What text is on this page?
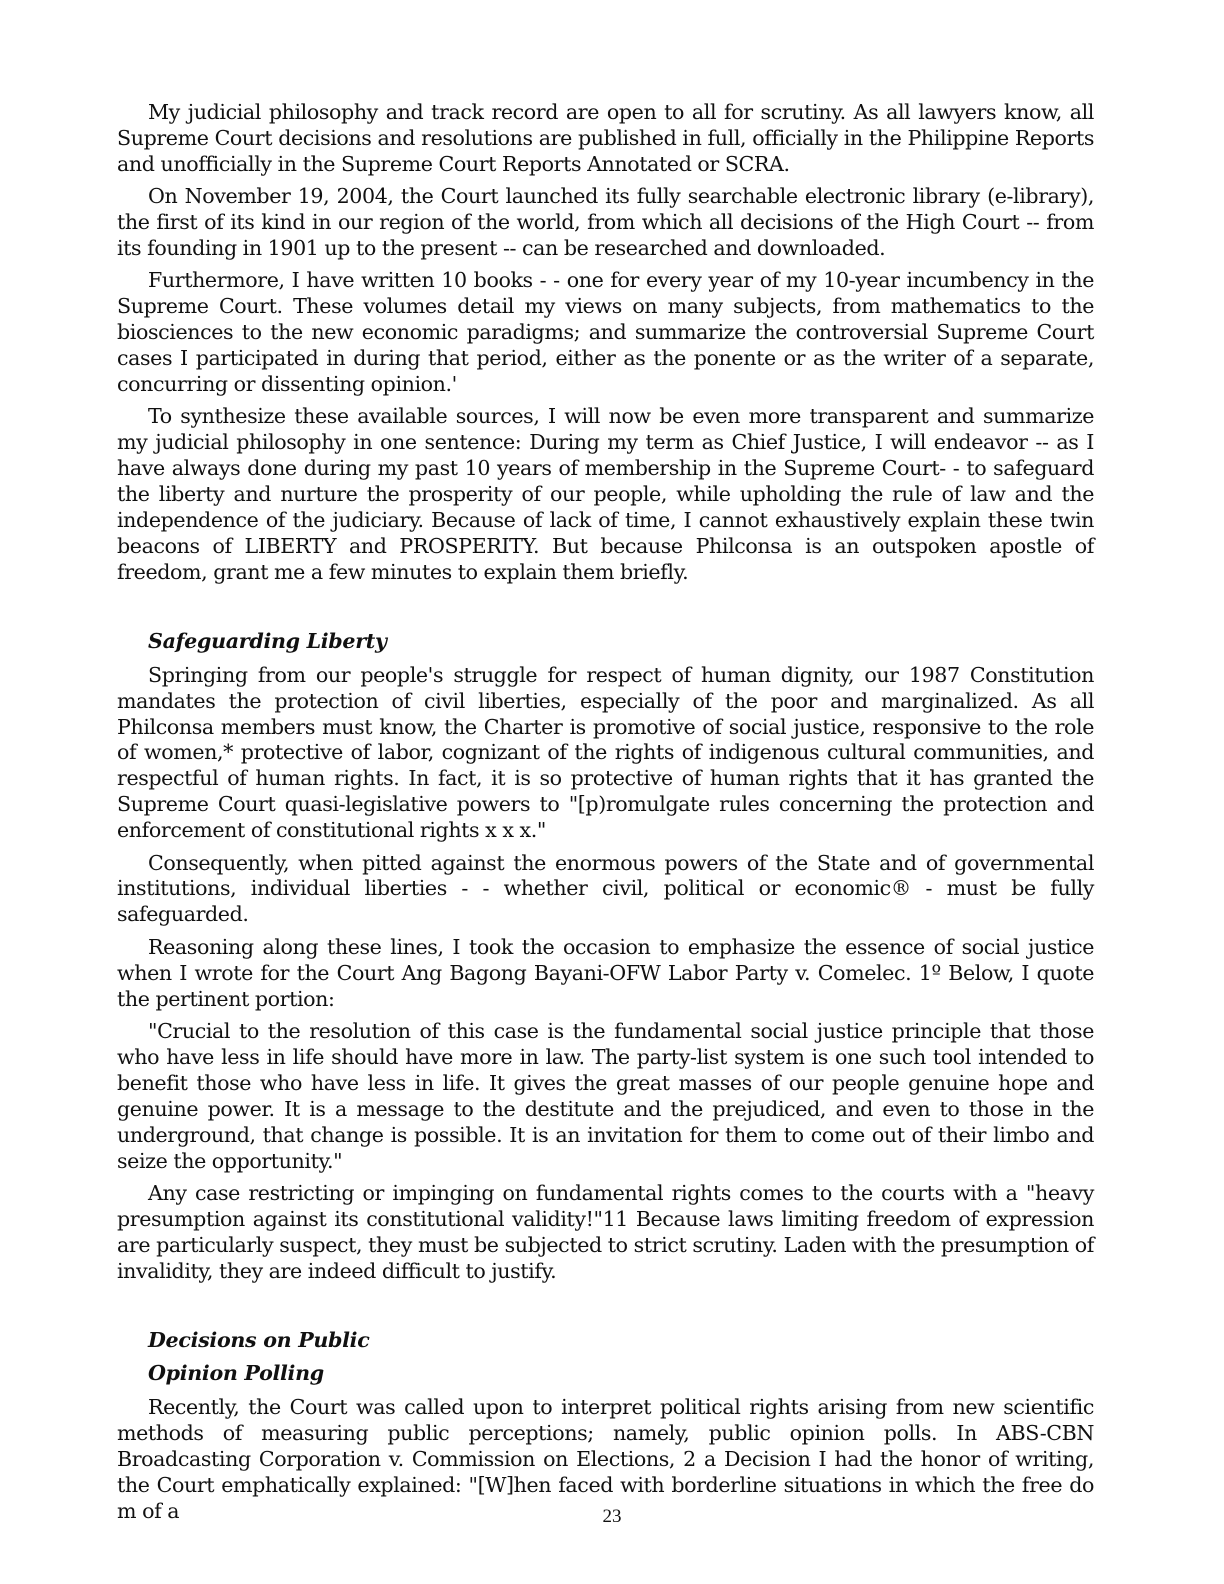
My judicial philosophy and track record are open to all for scrutiny. As all lawyers know, all Supreme Court decisions and resolutions are published in full, officially in the Philippine Reports and unofficially in the Supreme Court Reports Annotated or SCRA.

On November 19, 2004, the Court launched its fully searchable electronic library (e-library), the first of its kind in our region of the world, from which all decisions of the High Court -- from its founding in 1901 up to the present -- can be researched and downloaded.

Furthermore, I have written 10 books - - one for every year of my 10-year incumbency in the Supreme Court. These volumes detail my views on many subjects, from mathematics to the biosciences to the new economic paradigms; and summarize the controversial Supreme Court cases I participated in during that period, either as the ponente or as the writer of a separate, concurring or dissenting opinion.'

To synthesize these available sources, I will now be even more transparent and summarize my judicial philosophy in one sentence: During my term as Chief Justice, I will endeavor -- as I have always done during my past 10 years of membership in the Supreme Court- - to safeguard the liberty and nurture the prosperity of our people, while upholding the rule of law and the independence of the judiciary. Because of lack of time, I cannot exhaustively explain these twin beacons of LIBERTY and PROSPERITY. But because Philconsa is an outspoken apostle of freedom, grant me a few minutes to explain them briefly.

Safeguarding Liberty

Springing from our people's struggle for respect of human dignity, our 1987 Constitution mandates the protection of civil liberties, especially of the poor and marginalized. As all Philconsa members must know, the Charter is promotive of social justice, responsive to the role of women,* protective of labor, cognizant of the rights of indigenous cultural communities, and respectful of human rights. In fact, it is so protective of human rights that it has granted the Supreme Court quasi-legislative powers to "[p)romulgate rules concerning the protection and enforcement of constitutional rights x x x."

Consequently, when pitted against the enormous powers of the State and of governmental institutions, individual liberties - - whether civil, political or economic® - must be fully safeguarded.

Reasoning along these lines, I took the occasion to emphasize the essence of social justice when I wrote for the Court Ang Bagong Bayani-OFW Labor Party v. Comelec. 1º Below, I quote the pertinent portion:

"Crucial to the resolution of this case is the fundamental social justice principle that those who have less in life should have more in law. The party-list system is one such tool intended to benefit those who have less in life. It gives the great masses of our people genuine hope and genuine power. It is a message to the destitute and the prejudiced, and even to those in the underground, that change is possible. It is an invitation for them to come out of their limbo and seize the opportunity."

Any case restricting or impinging on fundamental rights comes to the courts with a "heavy presumption against its constitutional validity!"11 Because laws limiting freedom of expression are particularly suspect, they must be subjected to strict scrutiny. Laden with the presumption of invalidity, they are indeed difficult to justify.

Decisions on Public
Opinion Polling

Recently, the Court was called upon to interpret political rights arising from new scientific methods of measuring public perceptions; namely, public opinion polls. In ABS-CBN Broadcasting Corporation v. Commission on Elections, 2 a Decision I had the honor of writing, the Court emphatically explained: "[W]hen faced with borderline situations in which the free do m of a	23
